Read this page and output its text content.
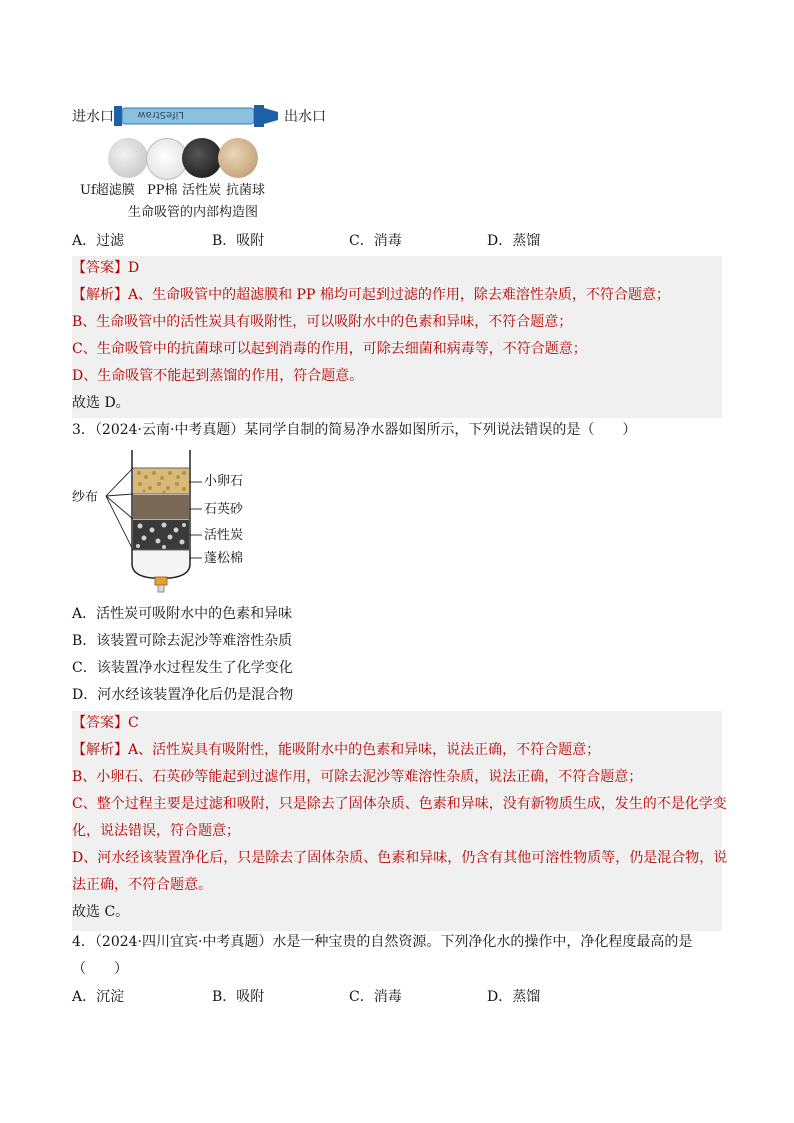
进水口	出水口
LifeStraw
Uf超滤膜 PP棉 活性炭 抗菌球
生命吸管的内部构造图
A．过滤	B．吸附	C．消毒	D．蒸馏
【答案】D
【解析】A、生命吸管中的超滤膜和 PP 棉均可起到过滤的作用，除去难溶性杂质，不符合题意；
B、生命吸管中的活性炭具有吸附性，可以吸附水中的色素和异味，不符合题意；
C、生命吸管中的抗菌球可以起到消毒的作用，可除去细菌和病毒等，不符合题意；
D、生命吸管不能起到蒸馏的作用，符合题意。
故选 D。
3．（2024·云南·中考真题）某同学自制的简易净水器如图所示，下列说法错误的是（　　）
纱布
小卵石
石英砂
活性炭
蓬松棉
A．活性炭可吸附水中的色素和异味
B．该装置可除去泥沙等难溶性杂质
C．该装置净水过程发生了化学变化
D．河水经该装置净化后仍是混合物
【答案】C
【解析】A、活性炭具有吸附性，能吸附水中的色素和异味，说法正确，不符合题意；
B、小卵石、石英砂等能起到过滤作用，可除去泥沙等难溶性杂质，说法正确，不符合题意；
C、整个过程主要是过滤和吸附，只是除去了固体杂质、色素和异味，没有新物质生成，发生的不是化学变
化，说法错误，符合题意；
D、河水经该装置净化后，只是除去了固体杂质、色素和异味，仍含有其他可溶性物质等，仍是混合物，说
法正确，不符合题意。
故选 C。
4．（2024·四川宜宾·中考真题）水是一种宝贵的自然资源。下列净化水的操作中，净化程度最高的是
（　　）
A．沉淀	B．吸附	C．消毒	D．蒸馏
